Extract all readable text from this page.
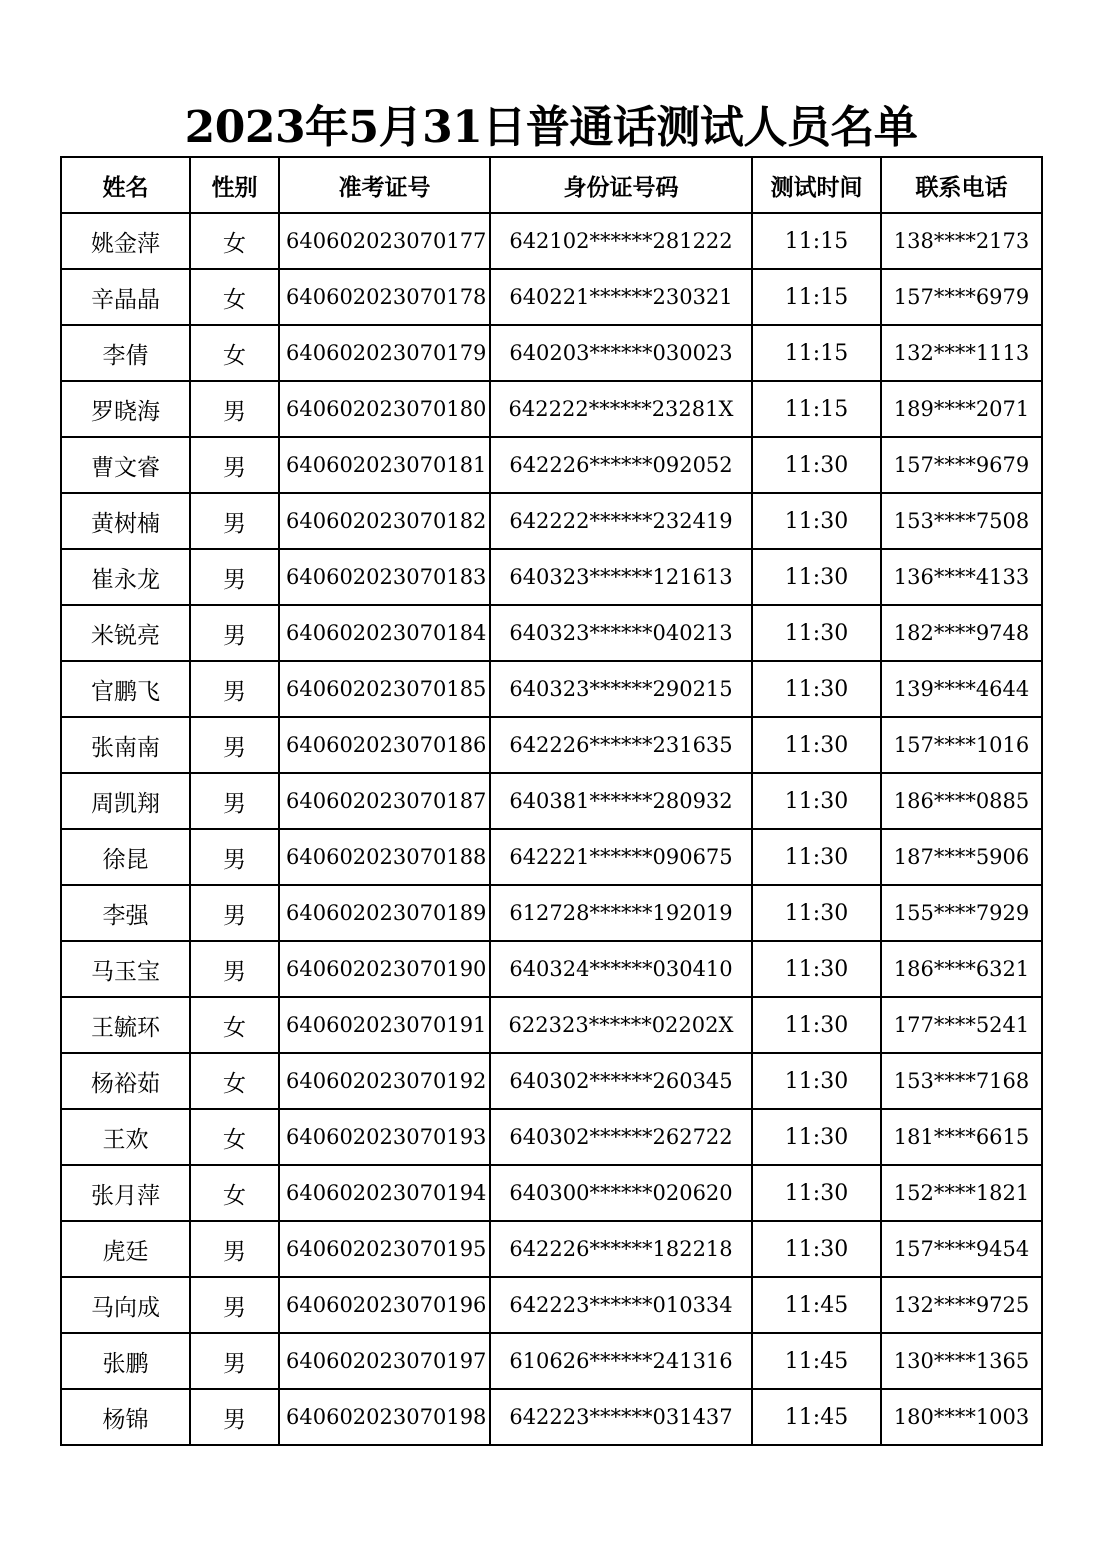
2023年5月31日普通话测试人员名单
姓名	性别	准考证号	身份证号码	测试时间	联系电话
姚金萍	女	640602023070177	642102******281222	11:15	138****2173
辛晶晶	女	640602023070178	640221******230321	11:15	157****6979
李倩	女	640602023070179	640203******030023	11:15	132****1113
罗晓海	男	640602023070180	642222******23281X	11:15	189****2071
曹文睿	男	640602023070181	642226******092052	11:30	157****9679
黄树楠	男	640602023070182	642222******232419	11:30	153****7508
崔永龙	男	640602023070183	640323******121613	11:30	136****4133
米锐亮	男	640602023070184	640323******040213	11:30	182****9748
官鹏飞	男	640602023070185	640323******290215	11:30	139****4644
张南南	男	640602023070186	642226******231635	11:30	157****1016
周凯翔	男	640602023070187	640381******280932	11:30	186****0885
徐昆	男	640602023070188	642221******090675	11:30	187****5906
李强	男	640602023070189	612728******192019	11:30	155****7929
马玉宝	男	640602023070190	640324******030410	11:30	186****6321
王毓环	女	640602023070191	622323******02202X	11:30	177****5241
杨裕茹	女	640602023070192	640302******260345	11:30	153****7168
王欢	女	640602023070193	640302******262722	11:30	181****6615
张月萍	女	640602023070194	640300******020620	11:30	152****1821
虎廷	男	640602023070195	642226******182218	11:30	157****9454
马向成	男	640602023070196	642223******010334	11:45	132****9725
张鹏	男	640602023070197	610626******241316	11:45	130****1365
杨锦	男	640602023070198	642223******031437	11:45	180****1003
